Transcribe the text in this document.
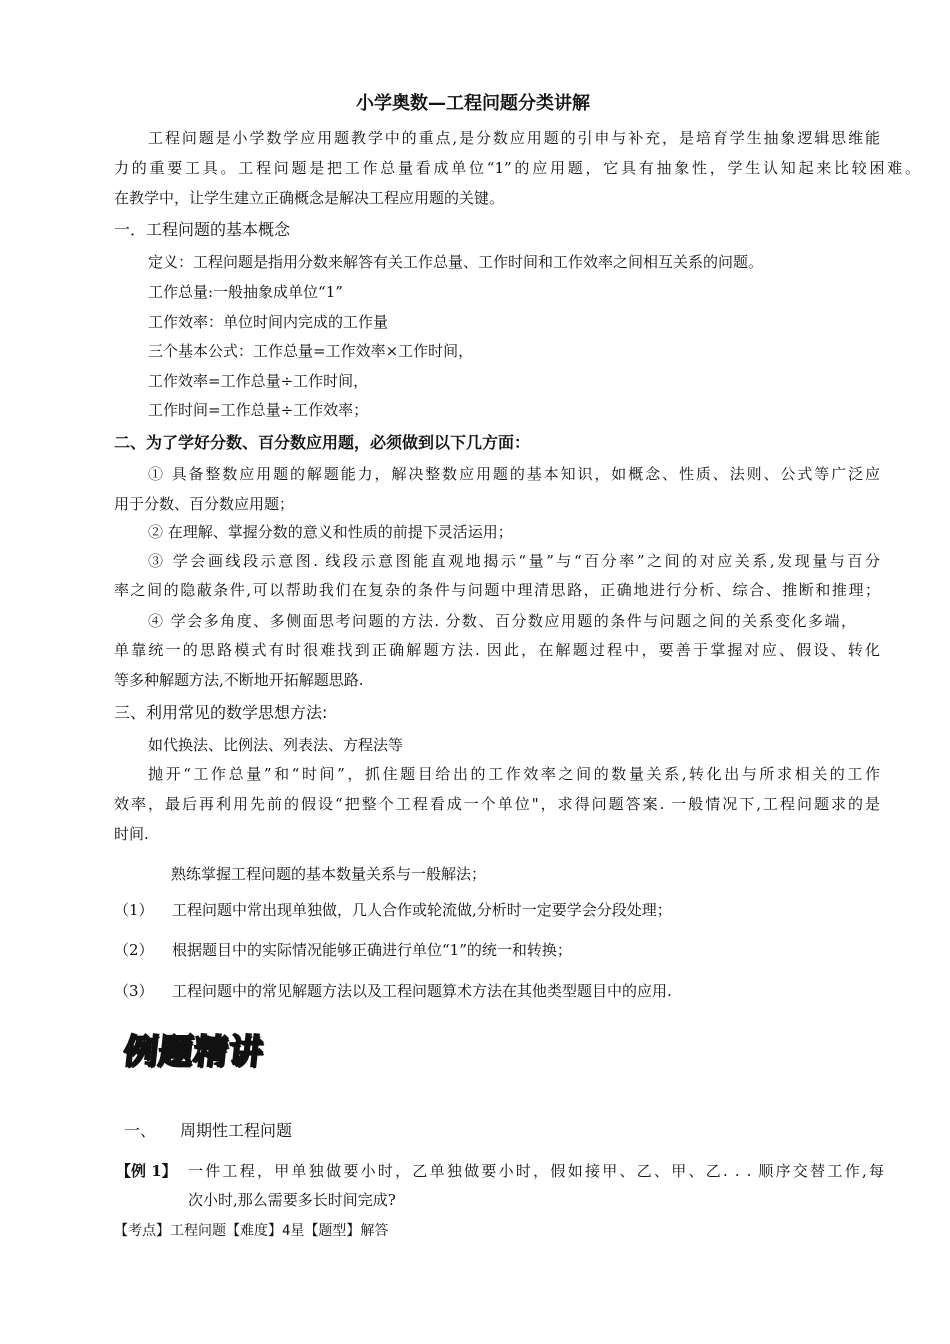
小学奥数—工程问题分类讲解
工程问题是小学数学应用题教学中的重点,是分数应用题的引申与补充，是培育学生抽象逻辑思维能
力的重要工具。工程问题是把工作总量看成单位“1”的应用题，它具有抽象性，学生认知起来比较困难。
在教学中，让学生建立正确概念是解决工程应用题的关键。
一．工程问题的基本概念
定义：工程问题是指用分数来解答有关工作总量、工作时间和工作效率之间相互关系的问题。
工作总量:一般抽象成单位“1”
工作效率：单位时间内完成的工作量
三个基本公式：工作总量=工作效率×工作时间，
工作效率=工作总量÷工作时间，
工作时间=工作总量÷工作效率；
二、为了学好分数、百分数应用题，必须做到以下几方面：
① 具备整数应用题的解题能力，解决整数应用题的基本知识，如概念、性质、法则、公式等广泛应
用于分数、百分数应用题；
② 在理解、掌握分数的意义和性质的前提下灵活运用；
③ 学会画线段示意图. 线段示意图能直观地揭示“量”与“百分率”之间的对应关系,发现量与百分
率之间的隐蔽条件,可以帮助我们在复杂的条件与问题中理清思路，正确地进行分析、综合、推断和推理；
④ 学会多角度、多侧面思考问题的方法. 分数、百分数应用题的条件与问题之间的关系变化多端，
单靠统一的思路模式有时很难找到正确解题方法. 因此，在解题过程中，要善于掌握对应、假设、转化
等多种解题方法,不断地开拓解题思路.
三、利用常见的数学思想方法:
如代换法、比例法、列表法、方程法等
抛开“工作总量”和“时间”，抓住题目给出的工作效率之间的数量关系,转化出与所求相关的工作
效率，最后再利用先前的假设“把整个工程看成一个单位"，求得问题答案. 一般情况下,工程问题求的是
时间.
熟练掌握工程问题的基本数量关系与一般解法；
（1） 工程问题中常出现单独做，几人合作或轮流做,分析时一定要学会分段处理；
（2） 根据题目中的实际情况能够正确进行单位“1”的统一和转换；
（3） 工程问题中的常见解题方法以及工程问题算术方法在其他类型题目中的应用.
例题精讲
一、 周期性工程问题
【例 1】 一件工程，甲单独做要小时，乙单独做要小时，假如接甲、乙、甲、乙. . . 顺序交替工作,每
次小时,那么需要多长时间完成?
【考点】工程问题【难度】4星【题型】解答
